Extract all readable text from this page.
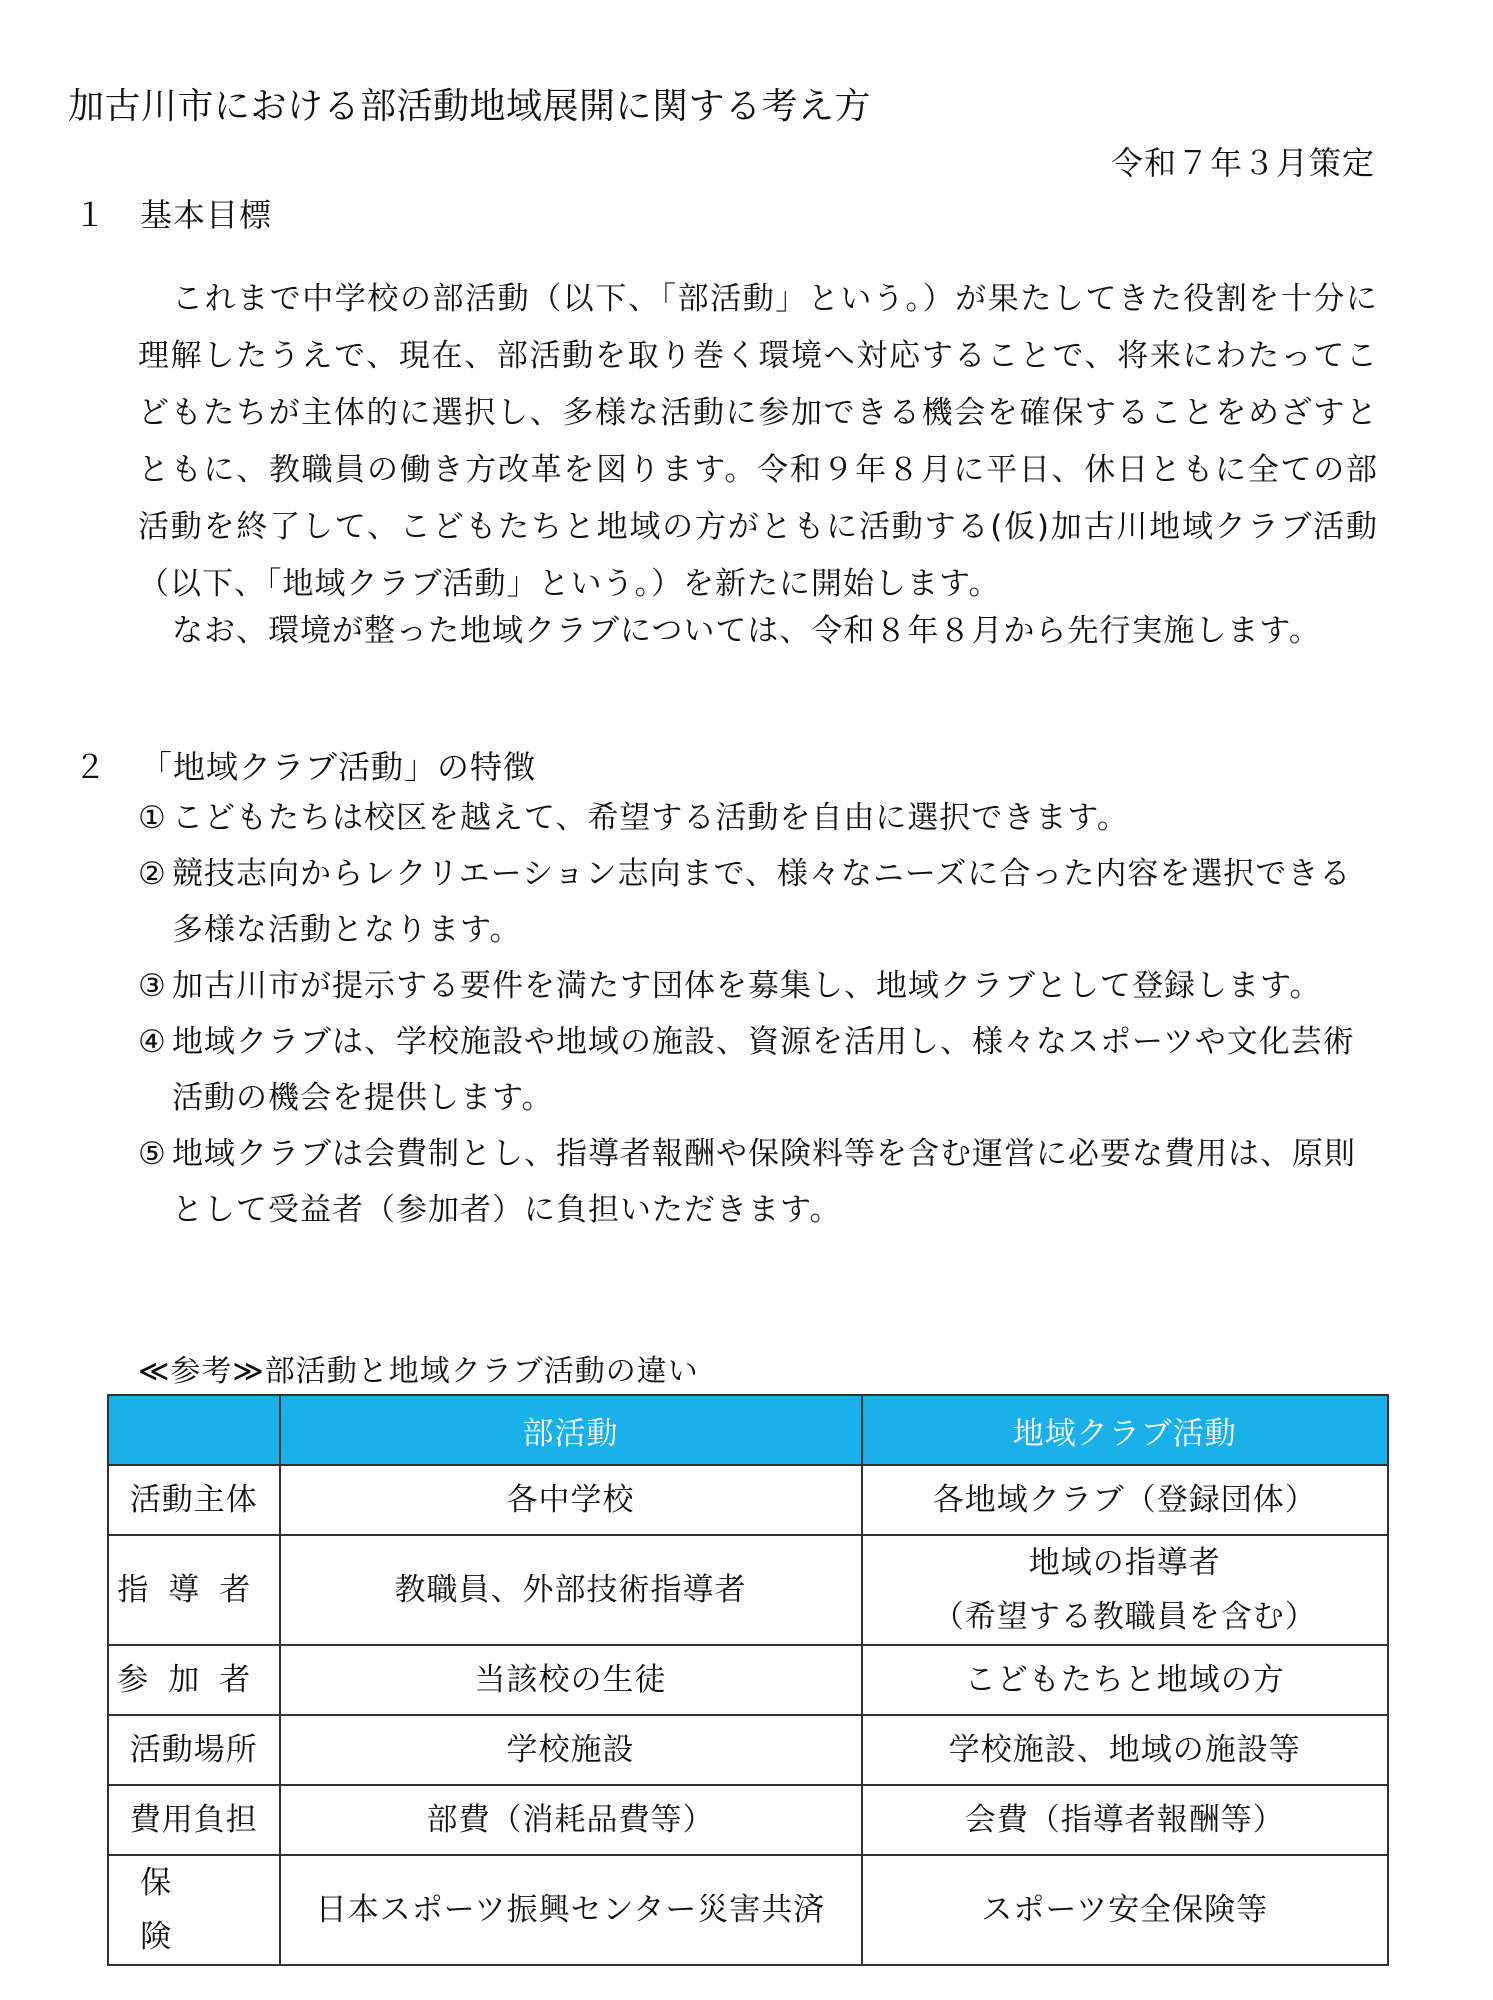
加古川市における部活動地域展開に関する考え方
令和７年３月策定
１ 基本目標

これまで中学校の部活動（以下、「部活動」という。）が果たしてきた役割を十分に理解したうえで、現在、部活動を取り巻く環境へ対応することで、将来にわたってこどもたちが主体的に選択し、多様な活動に参加できる機会を確保することをめざすとともに、教職員の働き方改革を図ります。令和９年８月に平日、休日ともに全ての部活動を終了して、こどもたちと地域の方がともに活動する(仮)加古川地域クラブ活動（以下、「地域クラブ活動」という。）を新たに開始します。

なお、環境が整った地域クラブについては、令和８年８月から先行実施します。

２ 「地域クラブ活動」の特徴
① こどもたちは校区を越えて、希望する活動を自由に選択できます。
② 競技志向からレクリエーション志向まで、様々なニーズに合った内容を選択できる多様な活動となります。
③ 加古川市が提示する要件を満たす団体を募集し、地域クラブとして登録します。
④ 地域クラブは、学校施設や地域の施設、資源を活用し、様々なスポーツや文化芸術活動の機会を提供します。
⑤ 地域クラブは会費制とし、指導者報酬や保険料等を含む運営に必要な費用は、原則として受益者（参加者）に負担いただきます。
≪参考≫部活動と地域クラブ活動の違い
	部活動	地域クラブ活動
活動主体	各中学校	各地域クラブ（登録団体）
指導者	教職員、外部技術指導者	地域の指導者
（希望する教職員を含む）

参加者	当該校の生徒	こどもたちと地域の方
活動場所	学校施設	学校施設、地域の施設等
費用負担	部費（消耗品費等）	会費（指導者報酬等）
保険	日本スポーツ振興センター災害共済	スポーツ安全保険等
